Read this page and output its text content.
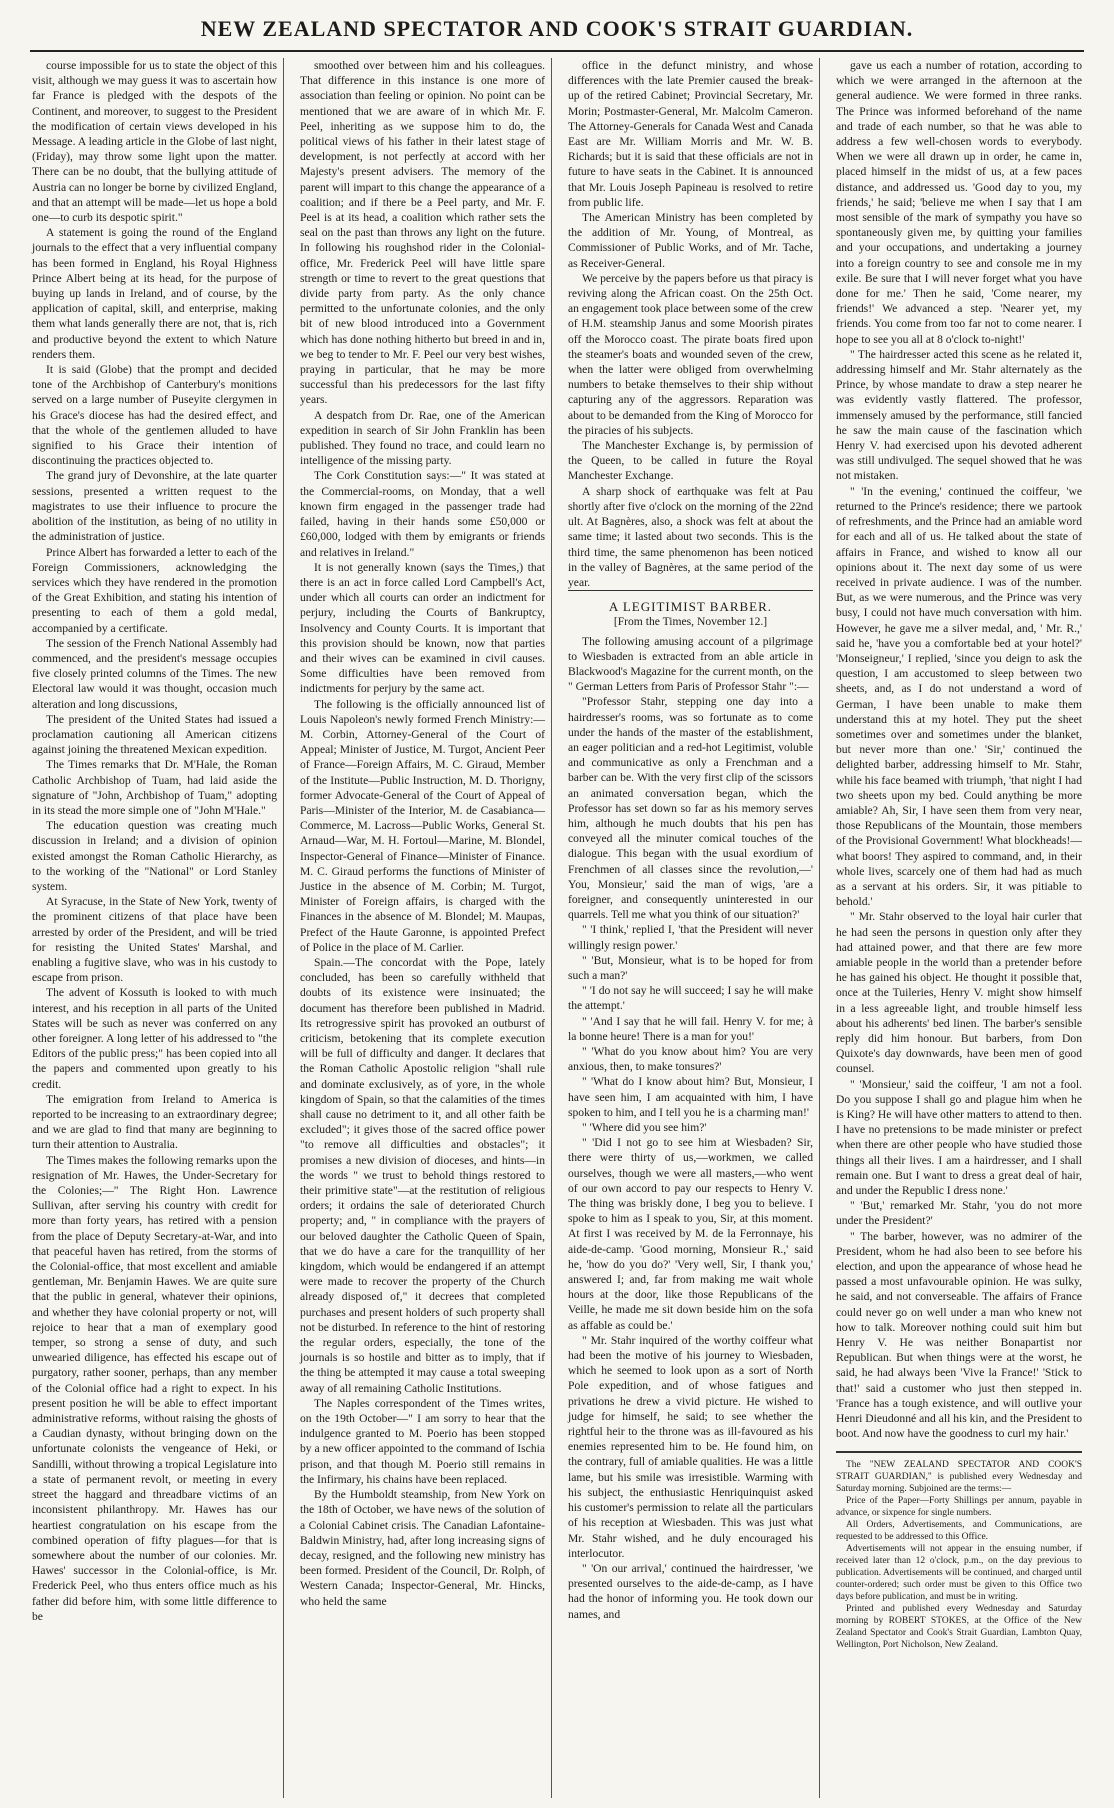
NEW ZEALAND SPECTATOR AND COOK'S STRAIT GUARDIAN.

course impossible for us to state the object of this visit, although we may guess it was to ascertain how far France is pledged with the despots of the Continent, and moreover, to suggest to the President the modification of certain views developed in his Message. A leading article in the Globe of last night, (Friday), may throw some light upon the matter. There can be no doubt, that the bullying attitude of Austria can no longer be borne by civilized England, and that an attempt will be made—let us hope a bold one—to curb its despotic spirit."

A statement is going the round of the England journals to the effect that a very influential company has been formed in England, his Royal Highness Prince Albert being at its head, for the purpose of buying up lands in Ireland, and of course, by the application of capital, skill, and enterprise, making them what lands generally there are not, that is, rich and productive beyond the extent to which Nature renders them.

It is said (Globe) that the prompt and decided tone of the Archbishop of Canterbury's monitions served on a large number of Puseyite clergymen in his Grace's diocese has had the desired effect, and that the whole of the gentlemen alluded to have signified to his Grace their intention of discontinuing the practices objected to.

The grand jury of Devonshire, at the late quarter sessions, presented a written request to the magistrates to use their influence to procure the abolition of the institution, as being of no utility in the administration of justice.

Prince Albert has forwarded a letter to each of the Foreign Commissioners, acknowledging the services which they have rendered in the promotion of the Great Exhibition, and stating his intention of presenting to each of them a gold medal, accompanied by a certificate.

The session of the French National Assembly had commenced, and the president's message occupies five closely printed columns of the Times. The new Electoral law would it was thought, occasion much alteration and long discussions,

The president of the United States had issued a proclamation cautioning all American citizens against joining the threatened Mexican expedition.

The Times remarks that Dr. M'Hale, the Roman Catholic Archbishop of Tuam, had laid aside the signature of "John, Archbishop of Tuam," adopting in its stead the more simple one of "John M'Hale."

The education question was creating much discussion in Ireland; and a division of opinion existed amongst the Roman Catholic Hierarchy, as to the working of the "National" or Lord Stanley system.

At Syracuse, in the State of New York, twenty of the prominent citizens of that place have been arrested by order of the President, and will be tried for resisting the United States' Marshal, and enabling a fugitive slave, who was in his custody to escape from prison.

The advent of Kossuth is looked to with much interest, and his reception in all parts of the United States will be such as never was conferred on any other foreigner. A long letter of his addressed to "the Editors of the public press;" has been copied into all the papers and commented upon greatly to his credit.

The emigration from Ireland to America is reported to be increasing to an extraordinary degree; and we are glad to find that many are beginning to turn their attention to Australia.

The Times makes the following remarks upon the resignation of Mr. Hawes, the Under-Secretary for the Colonies;—" The Right Hon. Lawrence Sullivan, after serving his country with credit for more than forty years, has retired with a pension from the place of Deputy Secretary-at-War, and into that peaceful haven has retired, from the storms of the Colonial-office, that most excellent and amiable gentleman, Mr. Benjamin Hawes. We are quite sure that the public in general, whatever their opinions, and whether they have colonial property or not, will rejoice to hear that a man of exemplary good temper, so strong a sense of duty, and such unwearied diligence, has effected his escape out of purgatory, rather sooner, perhaps, than any member of the Colonial office had a right to expect. In his present position he will be able to effect important administrative reforms, without raising the ghosts of a Caudian dynasty, without bringing down on the unfortunate colonists the vengeance of Heki, or Sandilli, without throwing a tropical Legislature into a state of permanent revolt, or meeting in every street the haggard and threadbare victims of an inconsistent philanthropy. Mr. Hawes has our heartiest congratulation on his escape from the combined operation of fifty plagues—for that is somewhere about the number of our colonies. Mr. Hawes' successor in the Colonial-office, is Mr. Frederick Peel, who thus enters office much as his father did before him, with some little difference to be

smoothed over between him and his colleagues. That difference in this instance is one more of association than feeling or opinion. No point can be mentioned that we are aware of in which Mr. F. Peel, inheriting as we suppose him to do, the political views of his father in their latest stage of development, is not perfectly at accord with her Majesty's present advisers. The memory of the parent will impart to this change the appearance of a coalition; and if there be a Peel party, and Mr. F. Peel is at its head, a coalition which rather sets the seal on the past than throws any light on the future. In following his roughshod rider in the Colonial-office, Mr. Frederick Peel will have little spare strength or time to revert to the great questions that divide party from party. As the only chance permitted to the unfortunate colonies, and the only bit of new blood introduced into a Government which has done nothing hitherto but breed in and in, we beg to tender to Mr. F. Peel our very best wishes, praying in particular, that he may be more successful than his predecessors for the last fifty years.

A despatch from Dr. Rae, one of the American expedition in search of Sir John Franklin has been published. They found no trace, and could learn no intelligence of the missing party.

The Cork Constitution says:—" It was stated at the Commercial-rooms, on Monday, that a well known firm engaged in the passenger trade had failed, having in their hands some £50,000 or £60,000, lodged with them by emigrants or friends and relatives in Ireland."

It is not generally known (says the Times,) that there is an act in force called Lord Campbell's Act, under which all courts can order an indictment for perjury, including the Courts of Bankruptcy, Insolvency and County Courts. It is important that this provision should be known, now that parties and their wives can be examined in civil causes. Some difficulties have been removed from indictments for perjury by the same act.

The following is the officially announced list of Louis Napoleon's newly formed French Ministry:—M. Corbin, Attorney-General of the Court of Appeal; Minister of Justice, M. Turgot, Ancient Peer of France—Foreign Affairs, M. C. Giraud, Member of the Institute—Public Instruction, M. D. Thorigny, former Advocate-General of the Court of Appeal of Paris—Minister of the Interior, M. de Casabianca—Commerce, M. Lacross—Public Works, General St. Arnaud—War, M. H. Fortoul—Marine, M. Blondel, Inspector-General of Finance—Minister of Finance. M. C. Giraud performs the functions of Minister of Justice in the absence of M. Corbin; M. Turgot, Minister of Foreign affairs, is charged with the Finances in the absence of M. Blondel; M. Maupas, Prefect of the Haute Garonne, is appointed Prefect of Police in the place of M. Carlier.

Spain.—The concordat with the Pope, lately concluded, has been so carefully withheld that doubts of its existence were insinuated; the document has therefore been published in Madrid. Its retrogressive spirit has provoked an outburst of criticism, betokening that its complete execution will be full of difficulty and danger. It declares that the Roman Catholic Apostolic religion "shall rule and dominate exclusively, as of yore, in the whole kingdom of Spain, so that the calamities of the times shall cause no detriment to it, and all other faith be excluded"; it gives those of the sacred office power "to remove all difficulties and obstacles"; it promises a new division of dioceses, and hints—in the words " we trust to behold things restored to their primitive state"—at the restitution of religious orders; it ordains the sale of deteriorated Church property; and, " in compliance with the prayers of our beloved daughter the Catholic Queen of Spain, that we do have a care for the tranquillity of her kingdom, which would be endangered if an attempt were made to recover the property of the Church already disposed of," it decrees that completed purchases and present holders of such property shall not be disturbed. In reference to the hint of restoring the regular orders, especially, the tone of the journals is so hostile and bitter as to imply, that if the thing be attempted it may cause a total sweeping away of all remaining Catholic Institutions.

The Naples correspondent of the Times writes, on the 19th October—" I am sorry to hear that the indulgence granted to M. Poerio has been stopped by a new officer appointed to the command of Ischia prison, and that though M. Poerio still remains in the Infirmary, his chains have been replaced.

By the Humboldt steamship, from New York on the 18th of October, we have news of the solution of a Colonial Cabinet crisis. The Canadian Lafontaine-Baldwin Ministry, had, after long increasing signs of decay, resigned, and the following new ministry has been formed. President of the Council, Dr. Rolph, of Western Canada; Inspector-General, Mr. Hincks, who held the same

office in the defunct ministry, and whose differences with the late Premier caused the break-up of the retired Cabinet; Provincial Secretary, Mr. Morin; Postmaster-General, Mr. Malcolm Cameron. The Attorney-Generals for Canada West and Canada East are Mr. William Morris and Mr. W. B. Richards; but it is said that these officials are not in future to have seats in the Cabinet. It is announced that Mr. Louis Joseph Papineau is resolved to retire from public life.

The American Ministry has been completed by the addition of Mr. Young, of Montreal, as Commissioner of Public Works, and of Mr. Tache, as Receiver-General.

We perceive by the papers before us that piracy is reviving along the African coast. On the 25th Oct. an engagement took place between some of the crew of H.M. steamship Janus and some Moorish pirates off the Morocco coast. The pirate boats fired upon the steamer's boats and wounded seven of the crew, when the latter were obliged from overwhelming numbers to betake themselves to their ship without capturing any of the aggressors. Reparation was about to be demanded from the King of Morocco for the piracies of his subjects.

The Manchester Exchange is, by permission of the Queen, to be called in future the Royal Manchester Exchange.

A sharp shock of earthquake was felt at Pau shortly after five o'clock on the morning of the 22nd ult. At Bagnères, also, a shock was felt at about the same time; it lasted about two seconds. This is the third time, the same phenomenon has been noticed in the valley of Bagnères, at the same period of the year.

A LEGITIMIST BARBER.

[From the Times, November 12.]

The following amusing account of a pilgrimage to Wiesbaden is extracted from an able article in Blackwood's Magazine for the current month, on the " German Letters from Paris of Professor Stahr ":—

"Professor Stahr, stepping one day into a hairdresser's rooms, was so fortunate as to come under the hands of the master of the establishment, an eager politician and a red-hot Legitimist, voluble and communicative as only a Frenchman and a barber can be. With the very first clip of the scissors an animated conversation began, which the Professor has set down so far as his memory serves him, although he much doubts that his pen has conveyed all the minuter comical touches of the dialogue. This began with the usual exordium of Frenchmen of all classes since the revolution,—' You, Monsieur,' said the man of wigs, 'are a foreigner, and consequently uninterested in our quarrels. Tell me what you think of our situation?'

" 'I think,' replied I, 'that the President will never willingly resign power.'

" 'But, Monsieur, what is to be hoped for from such a man?'

" 'I do not say he will succeed; I say he will make the attempt.'

" 'And I say that he will fail. Henry V. for me; à la bonne heure! There is a man for you!'

" 'What do you know about him? You are very anxious, then, to make tonsures?'

" 'What do I know about him? But, Monsieur, I have seen him, I am acquainted with him, I have spoken to him, and I tell you he is a charming man!'

" 'Where did you see him?'

" 'Did I not go to see him at Wiesbaden? Sir, there were thirty of us,—workmen, we called ourselves, though we were all masters,—who went of our own accord to pay our respects to Henry V. The thing was briskly done, I beg you to believe. I spoke to him as I speak to you, Sir, at this moment. At first I was received by M. de la Ferronnaye, his aide-de-camp. 'Good morning, Monsieur R.,' said he, 'how do you do?' 'Very well, Sir, I thank you,' answered I; and, far from making me wait whole hours at the door, like those Republicans of the Veille, he made me sit down beside him on the sofa as affable as could be.'

" Mr. Stahr inquired of the worthy coiffeur what had been the motive of his journey to Wiesbaden, which he seemed to look upon as a sort of North Pole expedition, and of whose fatigues and privations he drew a vivid picture. He wished to judge for himself, he said; to see whether the rightful heir to the throne was as ill-favoured as his enemies represented him to be. He found him, on the contrary, full of amiable qualities. He was a little lame, but his smile was irresistible. Warming with his subject, the enthusiastic Henriquinquist asked his customer's permission to relate all the particulars of his reception at Wiesbaden. This was just what Mr. Stahr wished, and he duly encouraged his interlocutor.

" 'On our arrival,' continued the hairdresser, 'we presented ourselves to the aide-de-camp, as I have had the honor of informing you. He took down our names, and

gave us each a number of rotation, according to which we were arranged in the afternoon at the general audience. We were formed in three ranks. The Prince was informed beforehand of the name and trade of each number, so that he was able to address a few well-chosen words to everybody. When we were all drawn up in order, he came in, placed himself in the midst of us, at a few paces distance, and addressed us. 'Good day to you, my friends,' he said; 'believe me when I say that I am most sensible of the mark of sympathy you have so spontaneously given me, by quitting your families and your occupations, and undertaking a journey into a foreign country to see and console me in my exile. Be sure that I will never forget what you have done for me.' Then he said, 'Come nearer, my friends!' We advanced a step. 'Nearer yet, my friends. You come from too far not to come nearer. I hope to see you all at 8 o'clock to-night!'

" The hairdresser acted this scene as he related it, addressing himself and Mr. Stahr alternately as the Prince, by whose mandate to draw a step nearer he was evidently vastly flattered. The professor, immensely amused by the performance, still fancied he saw the main cause of the fascination which Henry V. had exercised upon his devoted adherent was still undivulged. The sequel showed that he was not mistaken.

" 'In the evening,' continued the coiffeur, 'we returned to the Prince's residence; there we partook of refreshments, and the Prince had an amiable word for each and all of us. He talked about the state of affairs in France, and wished to know all our opinions about it. The next day some of us were received in private audience. I was of the number. But, as we were numerous, and the Prince was very busy, I could not have much conversation with him. However, he gave me a silver medal, and, ' Mr. R.,' said he, 'have you a comfortable bed at your hotel?' 'Monseigneur,' I replied, 'since you deign to ask the question, I am accustomed to sleep between two sheets, and, as I do not understand a word of German, I have been unable to make them understand this at my hotel. They put the sheet sometimes over and sometimes under the blanket, but never more than one.' 'Sir,' continued the delighted barber, addressing himself to Mr. Stahr, while his face beamed with triumph, 'that night I had two sheets upon my bed. Could anything be more amiable? Ah, Sir, I have seen them from very near, those Republicans of the Mountain, those members of the Provisional Government! What blockheads!—what boors! They aspired to command, and, in their whole lives, scarcely one of them had had as much as a servant at his orders. Sir, it was pitiable to behold.'

" Mr. Stahr observed to the loyal hair curler that he had seen the persons in question only after they had attained power, and that there are few more amiable people in the world than a pretender before he has gained his object. He thought it possible that, once at the Tuileries, Henry V. might show himself in a less agreeable light, and trouble himself less about his adherents' bed linen. The barber's sensible reply did him honour. But barbers, from Don Quixote's day downwards, have been men of good counsel.

" 'Monsieur,' said the coiffeur, 'I am not a fool. Do you suppose I shall go and plague him when he is King? He will have other matters to attend to then. I have no pretensions to be made minister or prefect when there are other people who have studied those things all their lives. I am a hairdresser, and I shall remain one. But I want to dress a great deal of hair, and under the Republic I dress none.'

" 'But,' remarked Mr. Stahr, 'you do not more under the President?'

" The barber, however, was no admirer of the President, whom he had also been to see before his election, and upon the appearance of whose head he passed a most unfavourable opinion. He was sulky, he said, and not converseable. The affairs of France could never go on well under a man who knew not how to talk. Moreover nothing could suit him but Henry V. He was neither Bonapartist nor Republican. But when things were at the worst, he said, he had always been 'Vive la France!' 'Stick to that!' said a customer who just then stepped in. 'France has a tough existence, and will outlive your Henri Dieudonné and all his kin, and the President to boot. And now have the goodness to curl my hair.'

The "NEW ZEALAND SPECTATOR AND COOK'S STRAIT GUARDIAN," is published every Wednesday and Saturday morning. Subjoined are the terms:—

Price of the Paper—Forty Shillings per annum, payable in advance, or sixpence for single numbers.

All Orders, Advertisements, and Communications, are requested to be addressed to this Office.

Advertisements will not appear in the ensuing number, if received later than 12 o'clock, p.m., on the day previous to publication. Advertisements will be continued, and charged until counter-ordered; such order must be given to this Office two days before publication, and must be in writing.

Printed and published every Wednesday and Saturday morning by ROBERT STOKES, at the Office of the New Zealand Spectator and Cook's Strait Guardian, Lambton Quay, Wellington, Port Nicholson, New Zealand.
